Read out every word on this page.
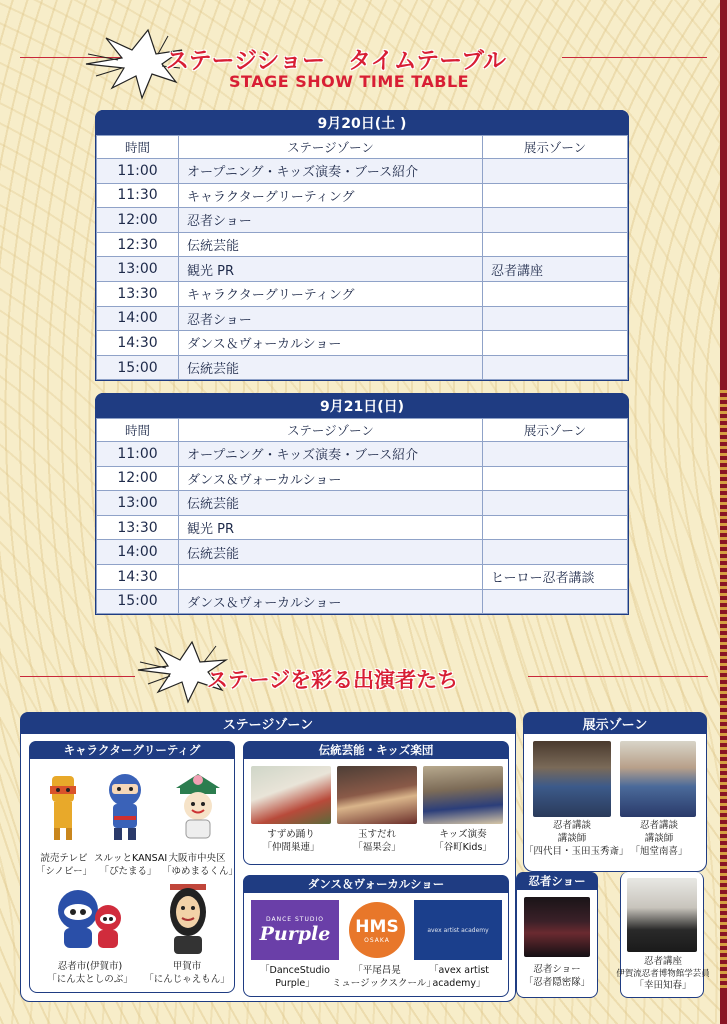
ステージショー　タイムテーブル
STAGE SHOW TIME TABLE
9月20日(土 )
時間	ステージゾーン	展示ゾーン
11:00	オープニング・キッズ演奏・ブース紹介	
11:30	キャラクターグリーティング	
12:00	忍者ショー	
12:30	伝統芸能	
13:00	観光 PR	忍者講座
13:30	キャラクターグリーティング	
14:00	忍者ショー	
14:30	ダンス＆ヴォーカルショー	
15:00	伝統芸能	
9月21日(日)
時間	ステージゾーン	展示ゾーン
11:00	オープニング・キッズ演奏・ブース紹介	
12:00	ダンス＆ヴォーカルショー	
13:00	伝統芸能	
13:30	観光 PR	
14:00	伝統芸能	
14:30		ヒーロー忍者講談
15:00	ダンス＆ヴォーカルショー	
ステージを彩る出演者たち
ステージゾーン
キャラクターグリーティグ
読売テレビ
「シノビー」
スルッとKANSAI
「ぴたまる」
大阪市中央区
「ゆめまるくん」
忍者市(伊賀市)
「にん太としのぶ」
甲賀市
「にんじゃえもん」
伝統芸能・キッズ楽団
すずめ踊り
「仲間巣連」
玉すだれ
「福果会」
キッズ演奏
「谷町Kids」
ダンス＆ヴォーカルショー
DANCE STUDIO
Purple HMS
OSAKA
avex artist academy
「DanceStudio
Purple」
「平尾昌晃
ミュージックスクール」
「avex artist
academy」
忍者ショー
忍者ショー
「忍者隠密隊」
展示ゾーン
忍者講談
講談師
「四代目・玉田玉秀斎」
忍者講談
講談師
「旭堂南喜」
忍者講座
伊賀流忍者博物館学芸員
「幸田知春」
